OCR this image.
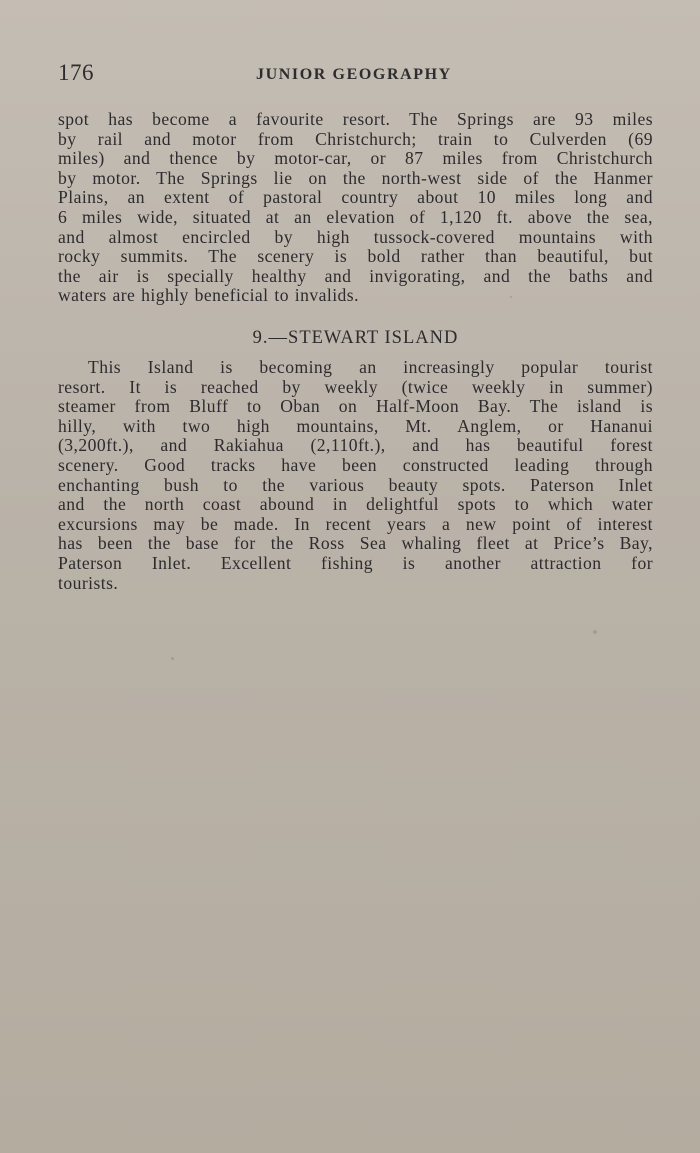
176	JUNIOR GEOGRAPHY
spot has become a favourite resort. The Springs are 93 miles
by rail and motor from Christchurch; train to Culverden (69
miles) and thence by motor-car, or 87 miles from Christchurch
by motor. The Springs lie on the north-west side of the Hanmer
Plains, an extent of pastoral country about 10 miles long and
6 miles wide, situated at an elevation of 1,120 ft. above the sea,
and almost encircled by high tussock-covered mountains with
rocky summits. The scenery is bold rather than beautiful, but
the air is specially healthy and invigorating, and the baths and
waters are highly beneficial to invalids.
9.—STEWART ISLAND
This Island is becoming an increasingly popular tourist
resort. It is reached by weekly (twice weekly in summer)
steamer from Bluff to Oban on Half-Moon Bay. The island is
hilly, with two high mountains, Mt. Anglem, or Hananui
(3,200ft.), and Rakiahua (2,110ft.), and has beautiful forest
scenery. Good tracks have been constructed leading through
enchanting bush to the various beauty spots. Paterson Inlet
and the north coast abound in delightful spots to which water
excursions may be made. In recent years a new point of interest
has been the base for the Ross Sea whaling fleet at Price’s Bay,
Paterson Inlet. Excellent fishing is another attraction for
tourists.
